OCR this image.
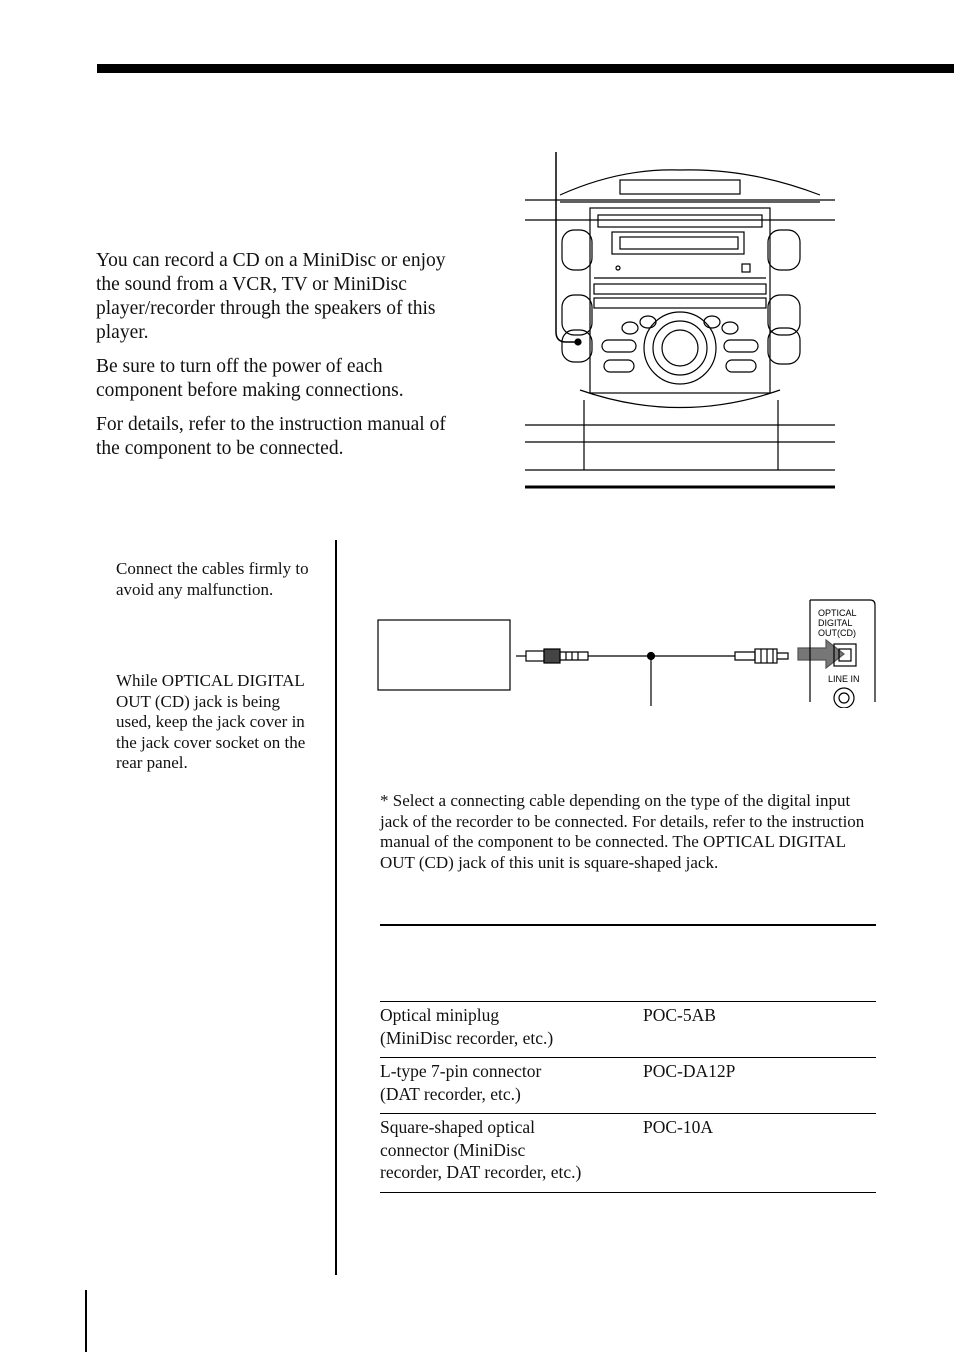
You can record a CD on a MiniDisc or enjoy the sound from a VCR, TV or MiniDisc player/recorder through the speakers of this player.

Be sure to turn off the power of each component before making connections.

For details, refer to the instruction manual of the component to be connected.

Connect the cables firmly to avoid any malfunction.

While OPTICAL DIGITAL OUT (CD) jack is being used, keep the jack cover in the jack cover socket on the rear panel.

OPTICAL
DIGITAL
OUT(CD)
LINE IN
* Select a connecting cable depending on the type of the digital input jack of the recorder to be connected. For details, refer to the instruction manual of the component to be connected. The OPTICAL DIGITAL OUT (CD) jack of this unit is square-shaped jack.
Optical miniplug
(MiniDisc recorder, etc.)	POC-5AB

L-type 7-pin connector
(DAT recorder, etc.)	POC-DA12P

Square-shaped optical
connector (MiniDisc
recorder, DAT recorder, etc.)	POC-10A
